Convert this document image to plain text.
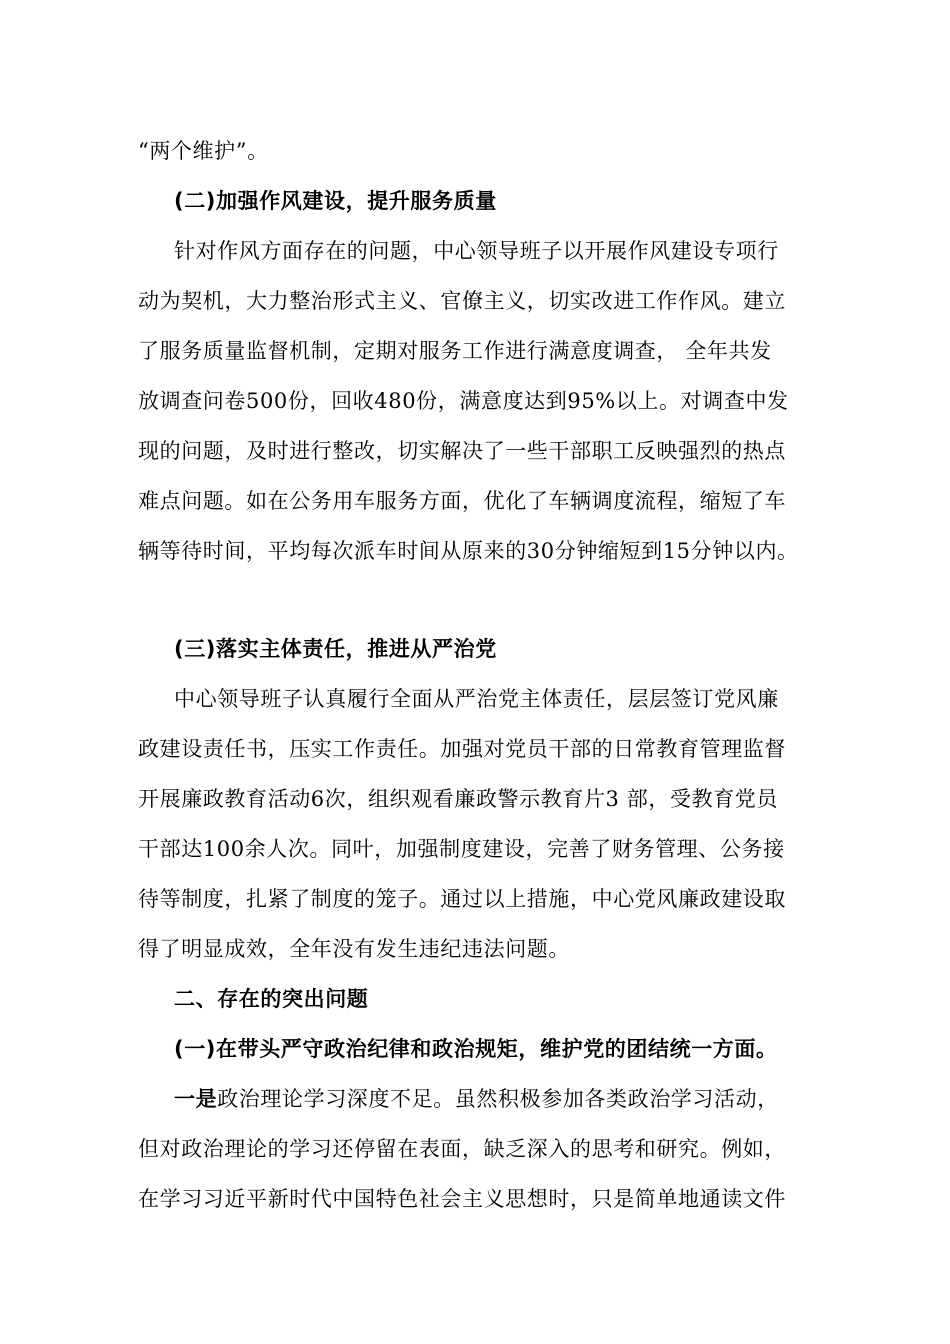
“两个维护”。
(二)加强作风建设，提升服务质量
针对作风方面存在的问题，中心领导班子以开展作风建设专项行
动为契机，大力整治形式主义、官僚主义，切实改进工作作风。建立
了服务质量监督机制，定期对服务工作进行满意度调查， 全年共发
放调查问卷500份，回收480份，满意度达到95%以上。对调查中发
现的问题，及时进行整改，切实解决了一些干部职工反映强烈的热点
难点问题。如在公务用车服务方面，优化了车辆调度流程，缩短了车
辆等待时间，平均每次派车时间从原来的30分钟缩短到15分钟以内。
(三)落实主体责任，推进从严治党
中心领导班子认真履行全面从严治党主体责任，层层签订党风廉
政建设责任书，压实工作责任。加强对党员干部的日常教育管理监督
开展廉政教育活动6次，组织观看廉政警示教育片3 部，受教育党员
干部达100余人次。同叶，加强制度建设，完善了财务管理、公务接
待等制度，扎紧了制度的笼子。通过以上措施，中心党风廉政建设取
得了明显成效，全年没有发生违纪违法问题。
二、存在的突出问题
(一)在带头严守政治纪律和政治规矩，维护党的团结统一方面。
一是政治理论学习深度不足。虽然积极参加各类政治学习活动，
但对政治理论的学习还停留在表面，缺乏深入的思考和研究。例如，
在学习习近平新时代中国特色社会主义思想时，只是简单地通读文件
